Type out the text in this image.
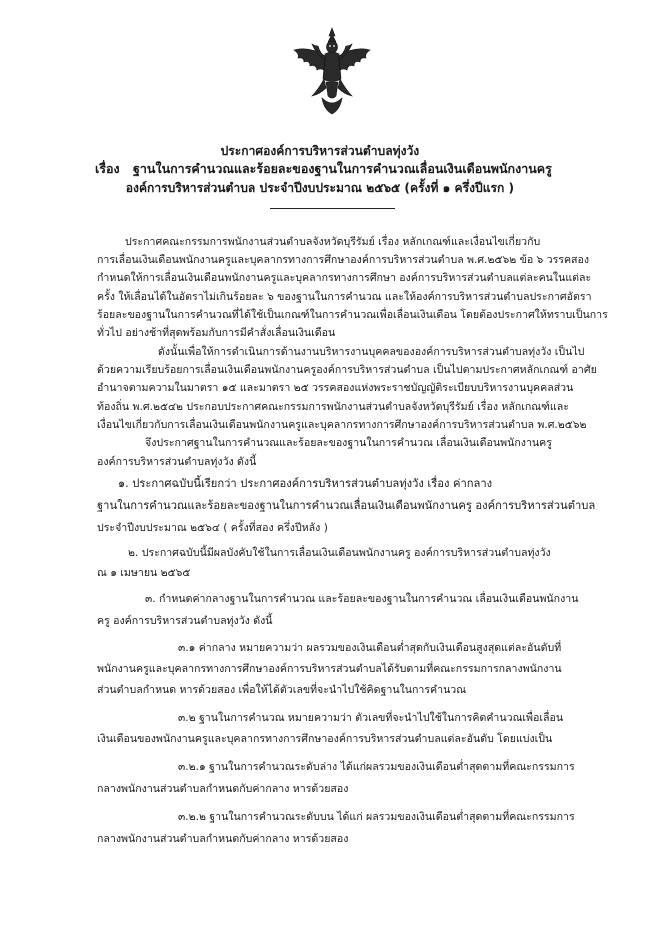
ประกาศองค์การบริหารส่วนตำบลทุ่งวัง
เรื่อง ฐานในการคำนวณและร้อยละของฐานในการคำนวณเลื่อนเงินเดือนพนักงานครู
องค์การบริหารส่วนตำบล ประจำปีงบประมาณ ๒๕๖๕ (ครั้งที่ ๑ ครึ่งปีแรก )
ประกาศคณะกรรมการพนักงานส่วนตำบลจังหวัดบุรีรัมย์ เรื่อง หลักเกณฑ์และเงื่อนไขเกี่ยวกับ
การเลื่อนเงินเดือนพนักงานครูและบุคลากรทางการศึกษาองค์การบริหารส่วนตำบล พ.ศ.๒๕๖๒ ข้อ ๖ วรรคสอง
กำหนดให้การเลื่อนเงินเดือนพนักงานครูและบุคลากรทางการศึกษา องค์การบริหารส่วนตำบลแต่ละคนในแต่ละ
ครั้ง ให้เลื่อนได้ในอัตราไม่เกินร้อยละ ๖ ของฐานในการคำนวณ และให้องค์การบริหารส่วนตำบลประกาศอัตรา
ร้อยละของฐานในการคำนวณที่ได้ใช้เป็นเกณฑ์ในการคำนวณเพื่อเลื่อนเงินเดือน โดยต้องประกาศให้ทราบเป็นการ
ทั่วไป อย่างช้าที่สุดพร้อมกับการมีคำสั่งเลื่อนเงินเดือน
ดังนั้นเพื่อให้การดำเนินการด้านงานบริหารงานบุคคลขององค์การบริหารส่วนตำบลทุ่งวัง เป็นไป
ด้วยความเรียบร้อยการเลื่อนเงินเดือนพนักงานครูองค์การบริหารส่วนตำบล เป็นไปตามประกาศหลักเกณฑ์ อาศัย
อำนาจตามความในมาตรา ๑๕ และมาตรา ๒๕ วรรคสองแห่งพระราชบัญญัติระเบียบบริหารงานบุคคลส่วน
ท้องถิ่น พ.ศ.๒๕๔๒ ประกอบประกาศคณะกรรมการพนักงานส่วนตำบลจังหวัดบุรีรัมย์ เรื่อง หลักเกณฑ์และ
เงื่อนไขเกี่ยวกับการเลื่อนเงินเดือนพนักงานครูและบุคลากรทางการศึกษาองค์การบริหารส่วนตำบล พ.ศ.๒๕๖๒
จึงประกาศฐานในการคำนวณและร้อยละของฐานในการคำนวณ เลื่อนเงินเดือนพนักงานครู
องค์การบริหารส่วนตำบลทุ่งวัง ดังนี้
๑. ประกาศฉบับนี้เรียกว่า ประกาศองค์การบริหารส่วนตำบลทุ่งวัง เรื่อง ค่ากลาง
ฐานในการคำนวณและร้อยละของฐานในการคำนวณเลื่อนเงินเดือนพนักงานครู องค์การบริหารส่วนตำบล
ประจำปีงบประมาณ ๒๕๖๔ ( ครั้งที่สอง ครึ่งปีหลัง )
๒. ประกาศฉบับนี้มีผลบังคับใช้ในการเลื่อนเงินเดือนพนักงานครู องค์การบริหารส่วนตำบลทุ่งวัง
ณ ๑ เมษายน ๒๕๖๕
๓. กำหนดค่ากลางฐานในการคำนวณ และร้อยละของฐานในการคำนวณ เลื่อนเงินเดือนพนักงาน
ครู องค์การบริหารส่วนตำบลทุ่งวัง ดังนี้
๓.๑ ค่ากลาง หมายความว่า ผลรวมของเงินเดือนต่ำสุดกับเงินเดือนสูงสุดแต่ละอันดับที่
พนักงานครูและบุคลากรทางการศึกษาองค์การบริหารส่วนตำบลได้รับตามที่คณะกรรมการกลางพนักงาน
ส่วนตำบลกำหนด หารด้วยสอง เพื่อให้ได้ตัวเลขที่จะนำไปใช้คิดฐานในการคำนวณ
๓.๒ ฐานในการคำนวณ หมายความว่า ตัวเลขที่จะนำไปใช้ในการคิดคำนวณเพื่อเลื่อน
เงินเดือนของพนักงานครูและบุคลากรทางการศึกษาองค์การบริหารส่วนตำบลแต่ละอันดับ โดยแบ่งเป็น
๓.๒.๑ ฐานในการคำนวณระดับล่าง ได้แก่ผลรวมของเงินเดือนต่ำสุดตามที่คณะกรรมการ
กลางพนักงานส่วนตำบลกำหนดกับค่ากลาง หารด้วยสอง
๓.๒.๒ ฐานในการคำนวณระดับบน ได้แก่ ผลรวมของเงินเดือนต่ำสุดตามที่คณะกรรมการ
กลางพนักงานส่วนตำบลกำหนดกับค่ากลาง หารด้วยสอง
